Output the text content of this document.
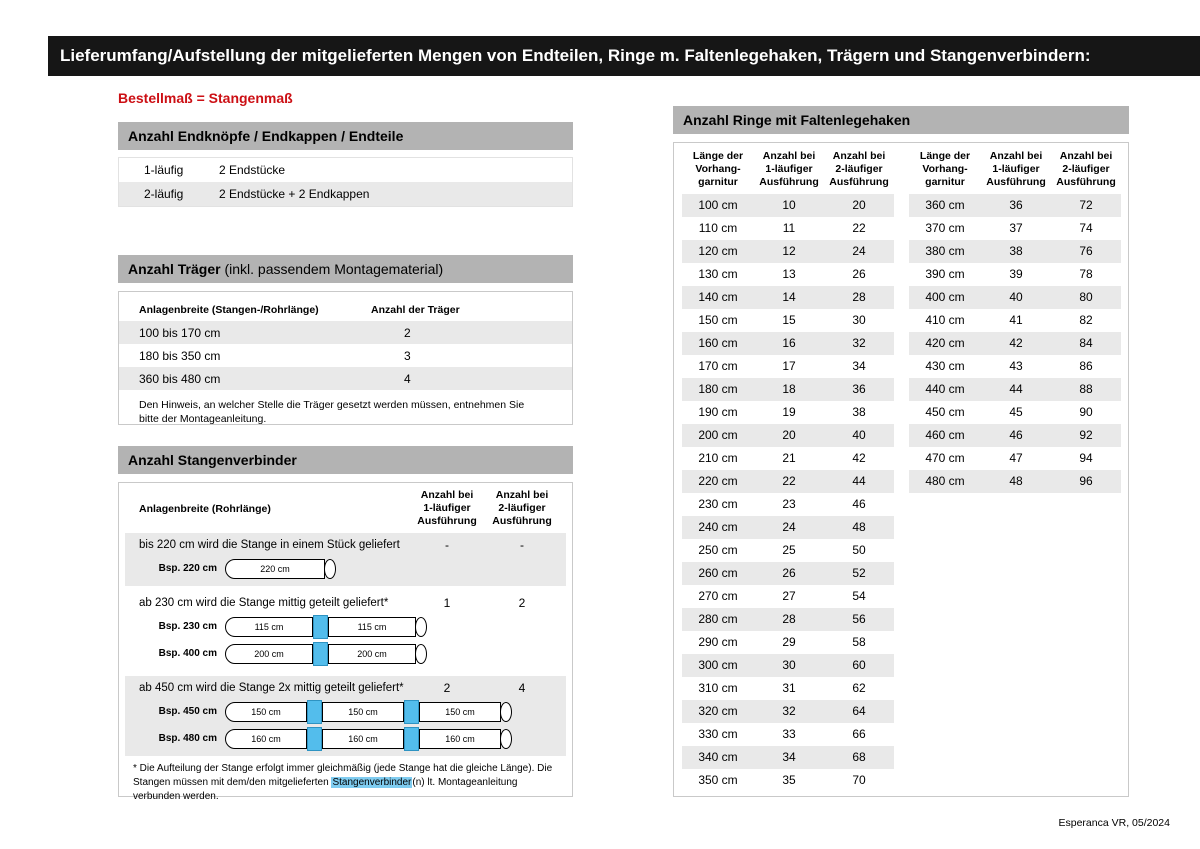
Lieferumfang/Aufstellung der mitgelieferten Mengen von Endteilen, Ringe m. Faltenlegehaken, Trägern und Stangenverbindern:
Bestellmaß = Stangenmaß
Anzahl Endknöpfe / Endkappen / Endteile
1-läufig	2 Endstücke
2-läufig	2 Endstücke + 2 Endkappen
Anzahl Träger (inkl. passendem Montagematerial)
Anlagenbreite (Stangen-/Rohrlänge)	Anzahl der Träger
100 bis 170 cm	2
180 bis 350 cm	3
360 bis 480 cm	4
Den Hinweis, an welcher Stelle die Träger gesetzt werden müssen, entnehmen Sie bitte der Montageanleitung.
Anzahl Stangenverbinder
Anlagenbreite (Rohrlänge)
Anzahl bei
1-läufiger
Ausführung
Anzahl bei
2-läufiger
Ausführung
bis 220 cm wird die Stange in einem Stück geliefert	-	-
Bsp. 220 cm	220 cm
ab 230 cm wird die Stange mittig geteilt geliefert*	1	2
Bsp. 230 cm	115 cm	115 cm
Bsp. 400 cm	200 cm	200 cm
ab 450 cm wird die Stange 2x mittig geteilt geliefert*	2	4
Bsp. 450 cm	150 cm	150 cm	150 cm
Bsp. 480 cm	160 cm	160 cm	160 cm
* Die Aufteilung der Stange erfolgt immer gleichmäßig (jede Stange hat die gleiche Länge). Die Stangen müssen mit dem/den mitgelieferten Stangenverbinder(n) lt. Montageanleitung verbunden werden.
Anzahl Ringe mit Faltenlegehaken
Länge der
Vorhang-
garnitur
Anzahl bei
1-läufiger
Ausführung
Anzahl bei
2-läufiger
Ausführung
100 cm	10	20
110 cm	11	22
120 cm	12	24
130 cm	13	26
140 cm	14	28
150 cm	15	30
160 cm	16	32
170 cm	17	34
180 cm	18	36
190 cm	19	38
200 cm	20	40
210 cm	21	42
220 cm	22	44
230 cm	23	46
240 cm	24	48
250 cm	25	50
260 cm	26	52
270 cm	27	54
280 cm	28	56
290 cm	29	58
300 cm	30	60
310 cm	31	62
320 cm	32	64
330 cm	33	66
340 cm	34	68
350 cm	35	70
Länge der
Vorhang-
garnitur
Anzahl bei
1-läufiger
Ausführung
Anzahl bei
2-läufiger
Ausführung
360 cm	36	72
370 cm	37	74
380 cm	38	76
390 cm	39	78
400 cm	40	80
410 cm	41	82
420 cm	42	84
430 cm	43	86
440 cm	44	88
450 cm	45	90
460 cm	46	92
470 cm	47	94
480 cm	48	96
Esperanca VR, 05/2024
